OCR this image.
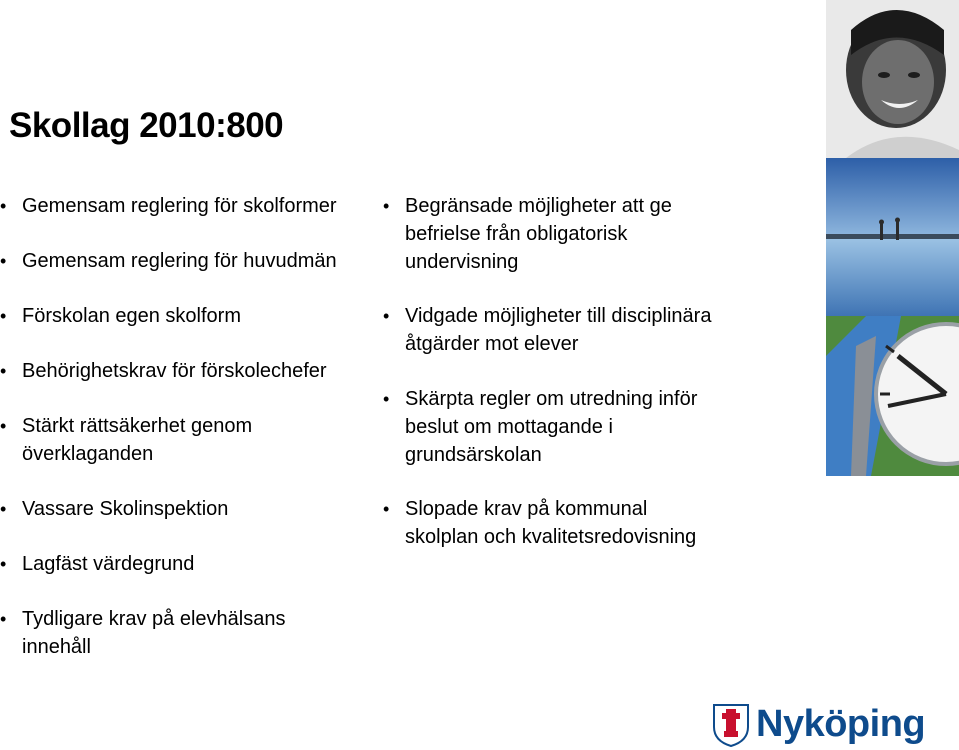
Skollag 2010:800
• Gemensam reglering för skolformer
• Gemensam reglering för huvudmän
• Förskolan egen skolform
• Behörighetskrav för förskolechefer
• Stärkt rättsäkerhet genom
överklaganden
• Vassare Skolinspektion
• Lagfäst värdegrund
• Tydligare krav på elevhälsans
innehåll
• Begränsade möjligheter att ge
befrielse från obligatorisk
undervisning
• Vidgade möjligheter till disciplinära
åtgärder mot elever
• Skärpta regler om utredning inför
beslut om mottagande i
grundsärskolan
• Slopade krav på kommunal
skolplan och kvalitetsredovisning
Nyköping
